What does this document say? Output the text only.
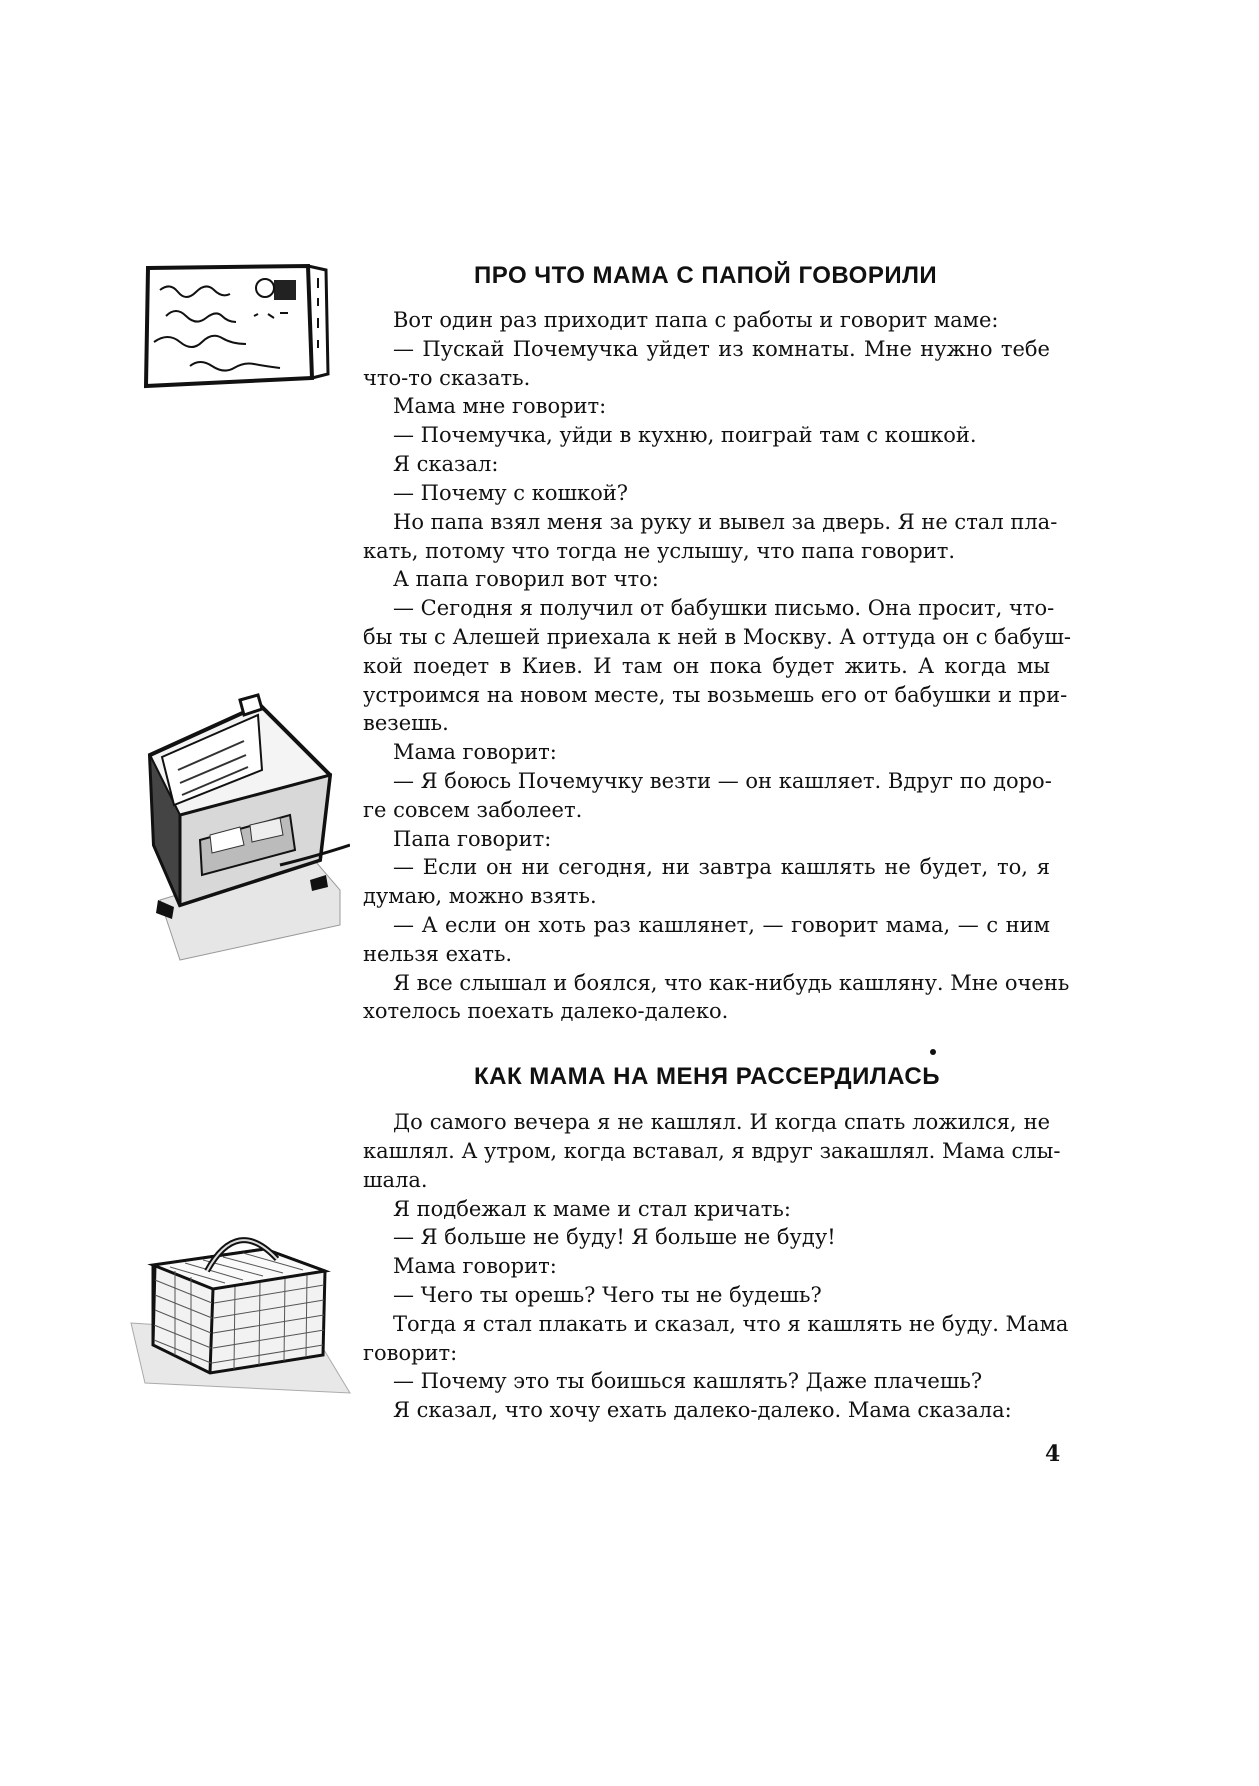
ПРО ЧТО МАМА С ПАПОЙ ГОВОРИЛИ
Вот один раз приходит папа с работы и говорит маме:
— Пускай Почемучка уйдет из комнаты. Мне нужно тебе
что-то сказать.
Мама мне говорит:
— Почемучка, уйди в кухню, поиграй там с кошкой.
Я сказал:
— Почему с кошкой?
Но папа взял меня за руку и вывел за дверь. Я не стал пла-
кать, потому что тогда не услышу, что папа говорит.
А папа говорил вот что:
— Сегодня я получил от бабушки письмо. Она просит, что-
бы ты с Алешей приехала к ней в Москву. А оттуда он с бабуш-
кой поедет в Киев. И там он пока будет жить. А когда мы
устроимся на новом месте, ты возьмешь его от бабушки и при-
везешь.
Мама говорит:
— Я боюсь Почемучку везти — он кашляет. Вдруг по доро-
ге совсем заболеет.
Папа говорит:
— Если он ни сегодня, ни завтра кашлять не будет, то, я
думаю, можно взять.
— А если он хоть раз кашлянет, — говорит мама, — с ним
нельзя ехать.
Я все слышал и боялся, что как-нибудь кашляну. Мне очень
хотелось поехать далеко-далеко.
КАК МАМА НА МЕНЯ РАССЕРДИЛАСЬ
До самого вечера я не кашлял. И когда спать ложился, не
кашлял. А утром, когда вставал, я вдруг закашлял. Мама слы-
шала.
Я подбежал к маме и стал кричать:
— Я больше не буду! Я больше не буду!
Мама говорит:
— Чего ты орешь? Чего ты не будешь?
Тогда я стал плакать и сказал, что я кашлять не буду. Мама
говорит:
— Почему это ты боишься кашлять? Даже плачешь?
Я сказал, что хочу ехать далеко-далеко. Мама сказала:
4
